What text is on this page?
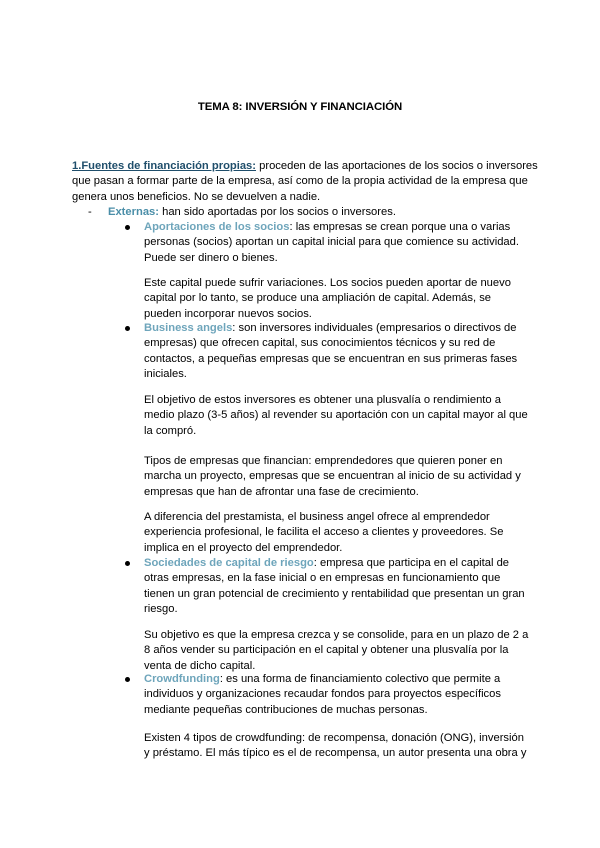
TEMA 8: INVERSIÓN Y FINANCIACIÓN
1.Fuentes de financiación propias: proceden de las aportaciones de los socios o inversores que pasan a formar parte de la empresa, así como de la propia actividad de la empresa que genera unos beneficios. No se devuelven a nadie.
- Externas: han sido aportadas por los socios o inversores.
Aportaciones de los socios: las empresas se crean porque una o varias personas (socios) aportan un capital inicial para que comience su actividad. Puede ser dinero o bienes.
Este capital puede sufrir variaciones. Los socios pueden aportar de nuevo capital por lo tanto, se produce una ampliación de capital. Además, se pueden incorporar nuevos socios.
Business angels: son inversores individuales (empresarios o directivos de empresas) que ofrecen capital, sus conocimientos técnicos y su red de contactos, a pequeñas empresas que se encuentran en sus primeras fases iniciales.
El objetivo de estos inversores es obtener una plusvalía o rendimiento a medio plazo (3-5 años) al revender su aportación con un capital mayor al que la compró.
Tipos de empresas que financian: emprendedores que quieren poner en marcha un proyecto, empresas que se encuentran al inicio de su actividad y empresas que han de afrontar una fase de crecimiento.
A diferencia del prestamista, el business angel ofrece al emprendedor experiencia profesional, le facilita el acceso a clientes y proveedores. Se implica en el proyecto del emprendedor.
Sociedades de capital de riesgo: empresa que participa en el capital de otras empresas, en la fase inicial o en empresas en funcionamiento que tienen un gran potencial de crecimiento y rentabilidad que presentan un gran riesgo.
Su objetivo es que la empresa crezca y se consolide, para en un plazo de 2 a 8 años vender su participación en el capital y obtener una plusvalía por la venta de dicho capital.
Crowdfunding: es una forma de financiamiento colectivo que permite a individuos y organizaciones recaudar fondos para proyectos específicos mediante pequeñas contribuciones de muchas personas.
Existen 4 tipos de crowdfunding: de recompensa, donación (ONG), inversión y préstamo. El más típico es el de recompensa, un autor presenta una obra y
